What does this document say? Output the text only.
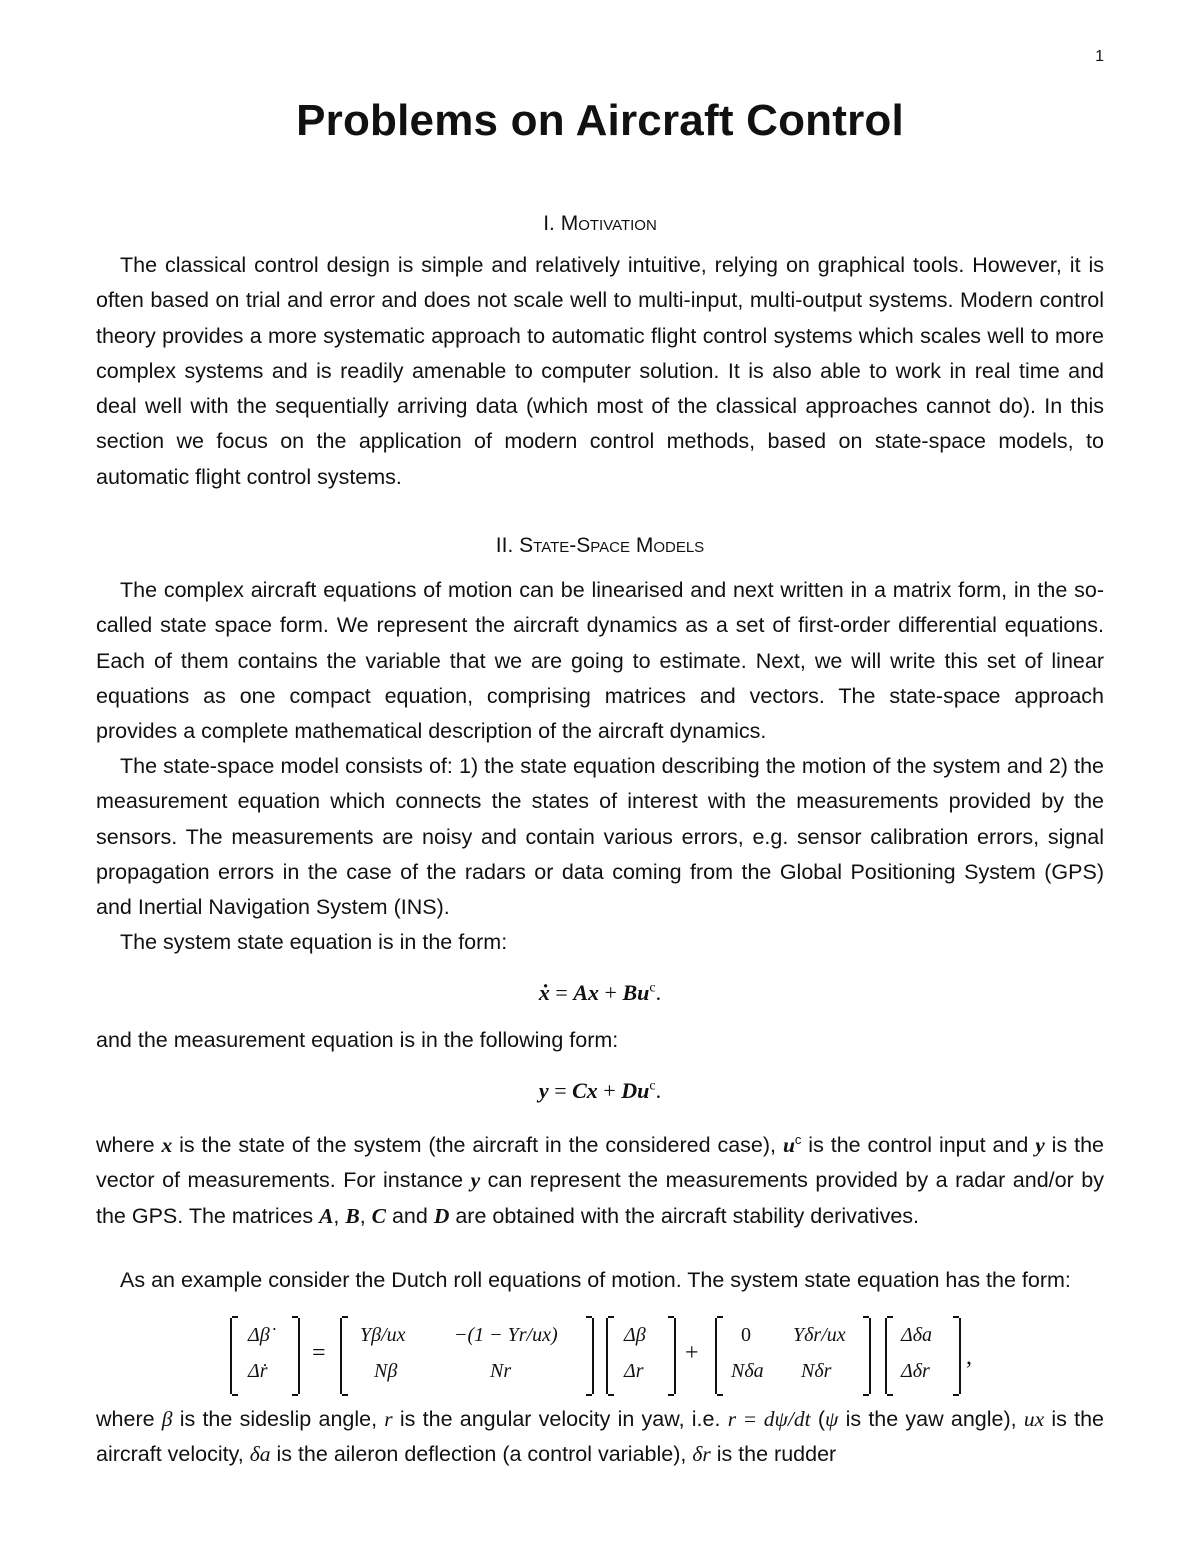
1
Problems on Aircraft Control
I. Motivation

The classical control design is simple and relatively intuitive, relying on graphical tools. However, it is often based on trial and error and does not scale well to multi-input, multi-output systems. Modern control theory provides a more systematic approach to automatic flight control systems which scales well to more complex systems and is readily amenable to computer solution. It is also able to work in real time and deal well with the sequentially arriving data (which most of the classical approaches cannot do). In this section we focus on the application of modern control methods, based on state-space models, to automatic flight control systems.

II. State-Space Models

The complex aircraft equations of motion can be linearised and next written in a matrix form, in the so-called state space form. We represent the aircraft dynamics as a set of first-order differential equations. Each of them contains the variable that we are going to estimate. Next, we will write this set of linear equations as one compact equation, comprising matrices and vectors. The state-space approach provides a complete mathematical description of the aircraft dynamics.

The state-space model consists of: 1) the state equation describing the motion of the system and 2) the measurement equation which connects the states of interest with the measurements provided by the sensors. The measurements are noisy and contain various errors, e.g. sensor calibration errors, signal propagation errors in the case of the radars or data coming from the Global Positioning System (GPS) and Inertial Navigation System (INS).

The system state equation is in the form:

ẋ = $Ax + Bu^c$.

and the measurement equation is in the following form:

$y = Cx + Du^c$.

where x is the state of the system (the aircraft in the considered case), $u^c$ is the control input and y is the vector of measurements. For instance y can represent the measurements provided by a radar and/or by the GPS. The matrices A, B, C and D are obtained with the aircraft stability derivatives.

As an example consider the Dutch roll equations of motion. The system state equation has the form:

Δβ̇
Δṙ
=
Yβ/ux −(1 − Yr/ux)
Nβ	Nr
Δβ
Δr
+
0 Yδr/ux
Nδa Nδr
Δδa
Δδr
,

where β is the sideslip angle, r is the angular velocity in yaw, i.e. r = dψ/dt (ψ is the yaw angle), ux is the aircraft velocity, δa is the aileron deflection (a control variable), δr is the rudder
